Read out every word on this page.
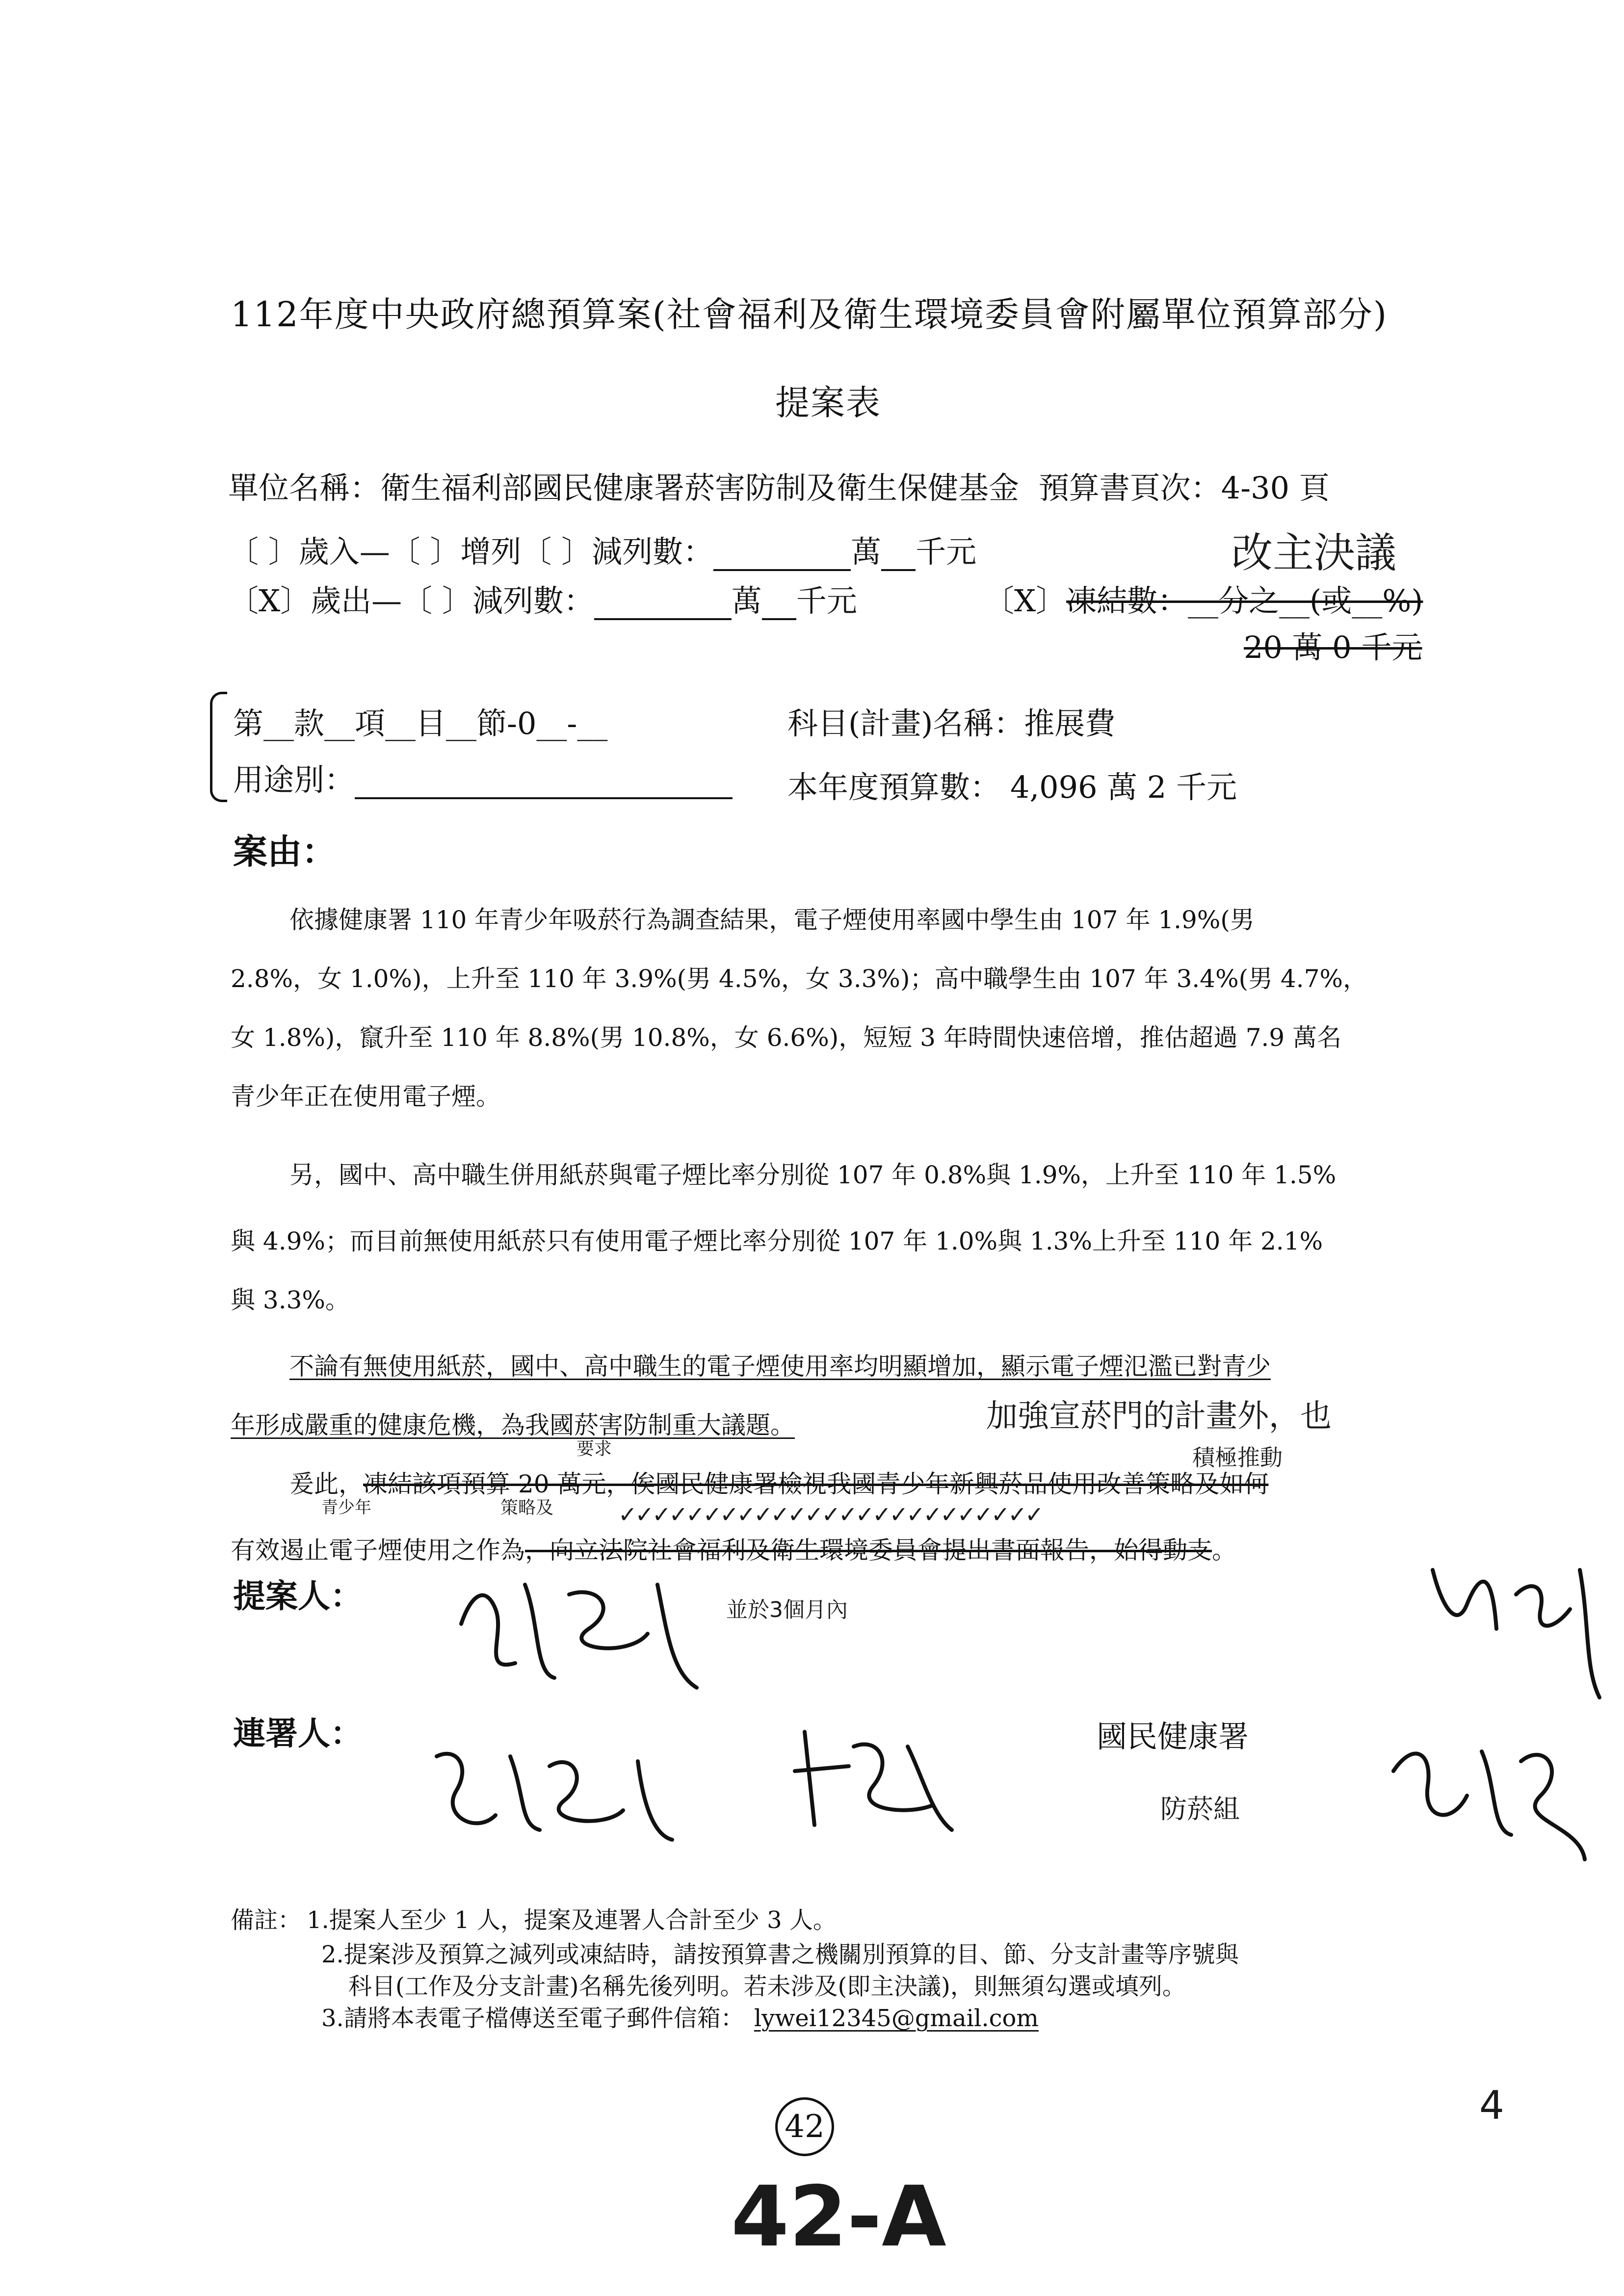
112年度中央政府總預算案(社會福利及衛生環境委員會附屬單位預算部分)
提案表
單位名稱：衛生福利部國民健康署菸害防制及衛生保健基金 預算書頁次：4-30 頁
〔 〕歲入—〔 〕增列〔 〕減列數：	萬 千元	改主決議
〔X〕歲出—〔 〕減列數：	萬 千元	〔X〕凍結數：__分之__(或__%)
20 萬 0 千元
第__款__項__目__節-0__-__	科目(計畫)名稱：推展費
用途別：	本年度預算數： 4,096 萬 2 千元
案由：
依據健康署 110 年青少年吸菸行為調查結果，電子煙使用率國中學生由 107 年 1.9%(男
2.8%，女 1.0%)，上升至 110 年 3.9%(男 4.5%，女 3.3%)；高中職學生由 107 年 3.4%(男 4.7%，
女 1.8%)，竄升至 110 年 8.8%(男 10.8%，女 6.6%)，短短 3 年時間快速倍增，推估超過 7.9 萬名
青少年正在使用電子煙。
另，國中、高中職生併用紙菸與電子煙比率分別從 107 年 0.8%與 1.9%，上升至 110 年 1.5%
與 4.9%；而目前無使用紙菸只有使用電子煙比率分別從 107 年 1.0%與 1.3%上升至 110 年 2.1%
與 3.3%。
不論有無使用紙菸，國中、高中職生的電子煙使用率均明顯增加，顯示電子煙氾濫已對青少
年形成嚴重的健康危機，為我國菸害防制重大議題。	加強宣菸門的計畫外，也
積極推動
要求
青少年	策略及
爰此，凍結該項預算 20 萬元，俟國民健康署檢視我國青少年新興菸品使用改善策略及如何
✓✓✓✓✓✓✓✓✓✓✓✓✓✓✓✓✓✓✓✓✓✓✓✓✓
有效遏止電子煙使用之作為，向立法院社會福利及衛生環境委員會提出書面報告，始得動支。
並於3個月內
提案人：
連署人：	國民健康署
防菸組
備註： 1.提案人至少 1 人，提案及連署人合計至少 3 人。
2.提案涉及預算之減列或凍結時，請按預算書之機關別預算的目、節、分支計畫等序號與
科目(工作及分支計畫)名稱先後列明。若未涉及(即主決議)，則無須勾選或填列。
3.請將本表電子檔傳送至電子郵件信箱： lywei12345@gmail.com
42	4
42-A
